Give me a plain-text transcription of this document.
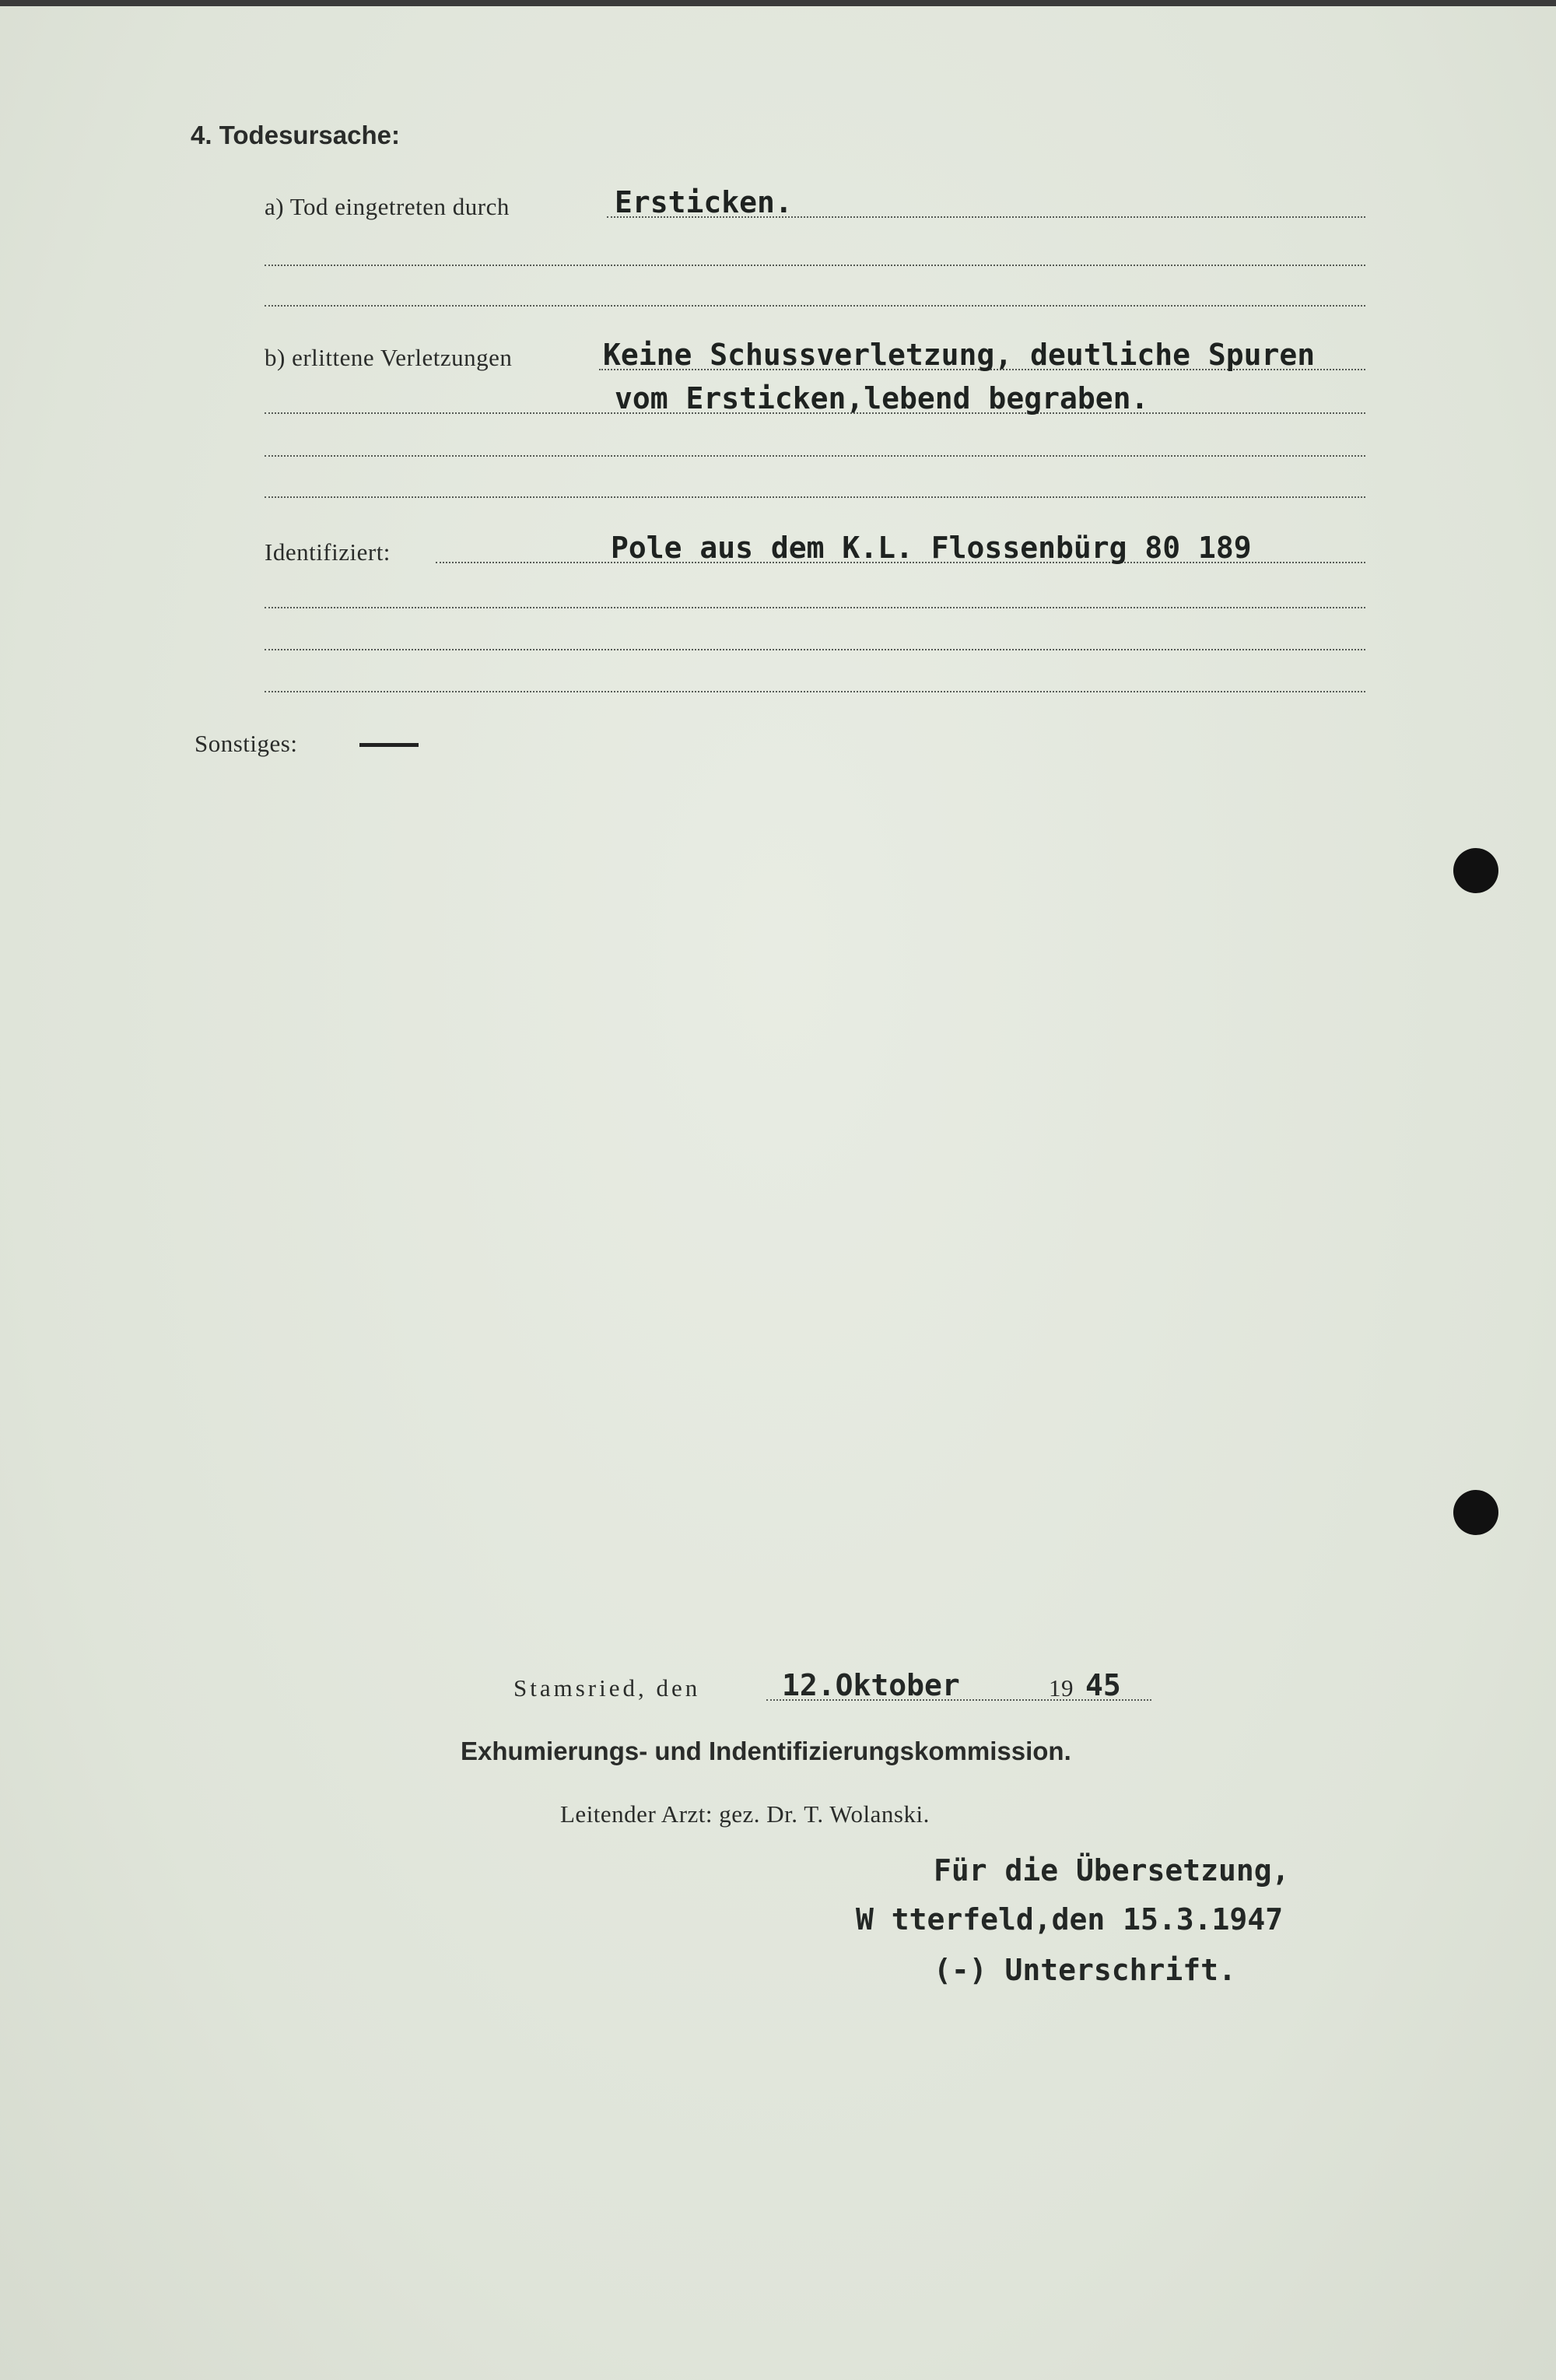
4. Todesursache:
a) Tod eingetreten durch	Ersticken.
b) erlittene Verletzungen	Keine Schussverletzung, deutliche Spuren
vom Ersticken,lebend begraben.
Identifiziert:	Pole aus dem K.L. Flossenbürg 80 189
Sonstiges:
Stamsried, den	12.Oktober	19 45
Exhumierungs- und Indentifizierungskommission.
Leitender Arzt: gez. Dr. T. Wolanski.
Für die Übersetzung,
W tterfeld,den 15.3.1947
(-) Unterschrift.
